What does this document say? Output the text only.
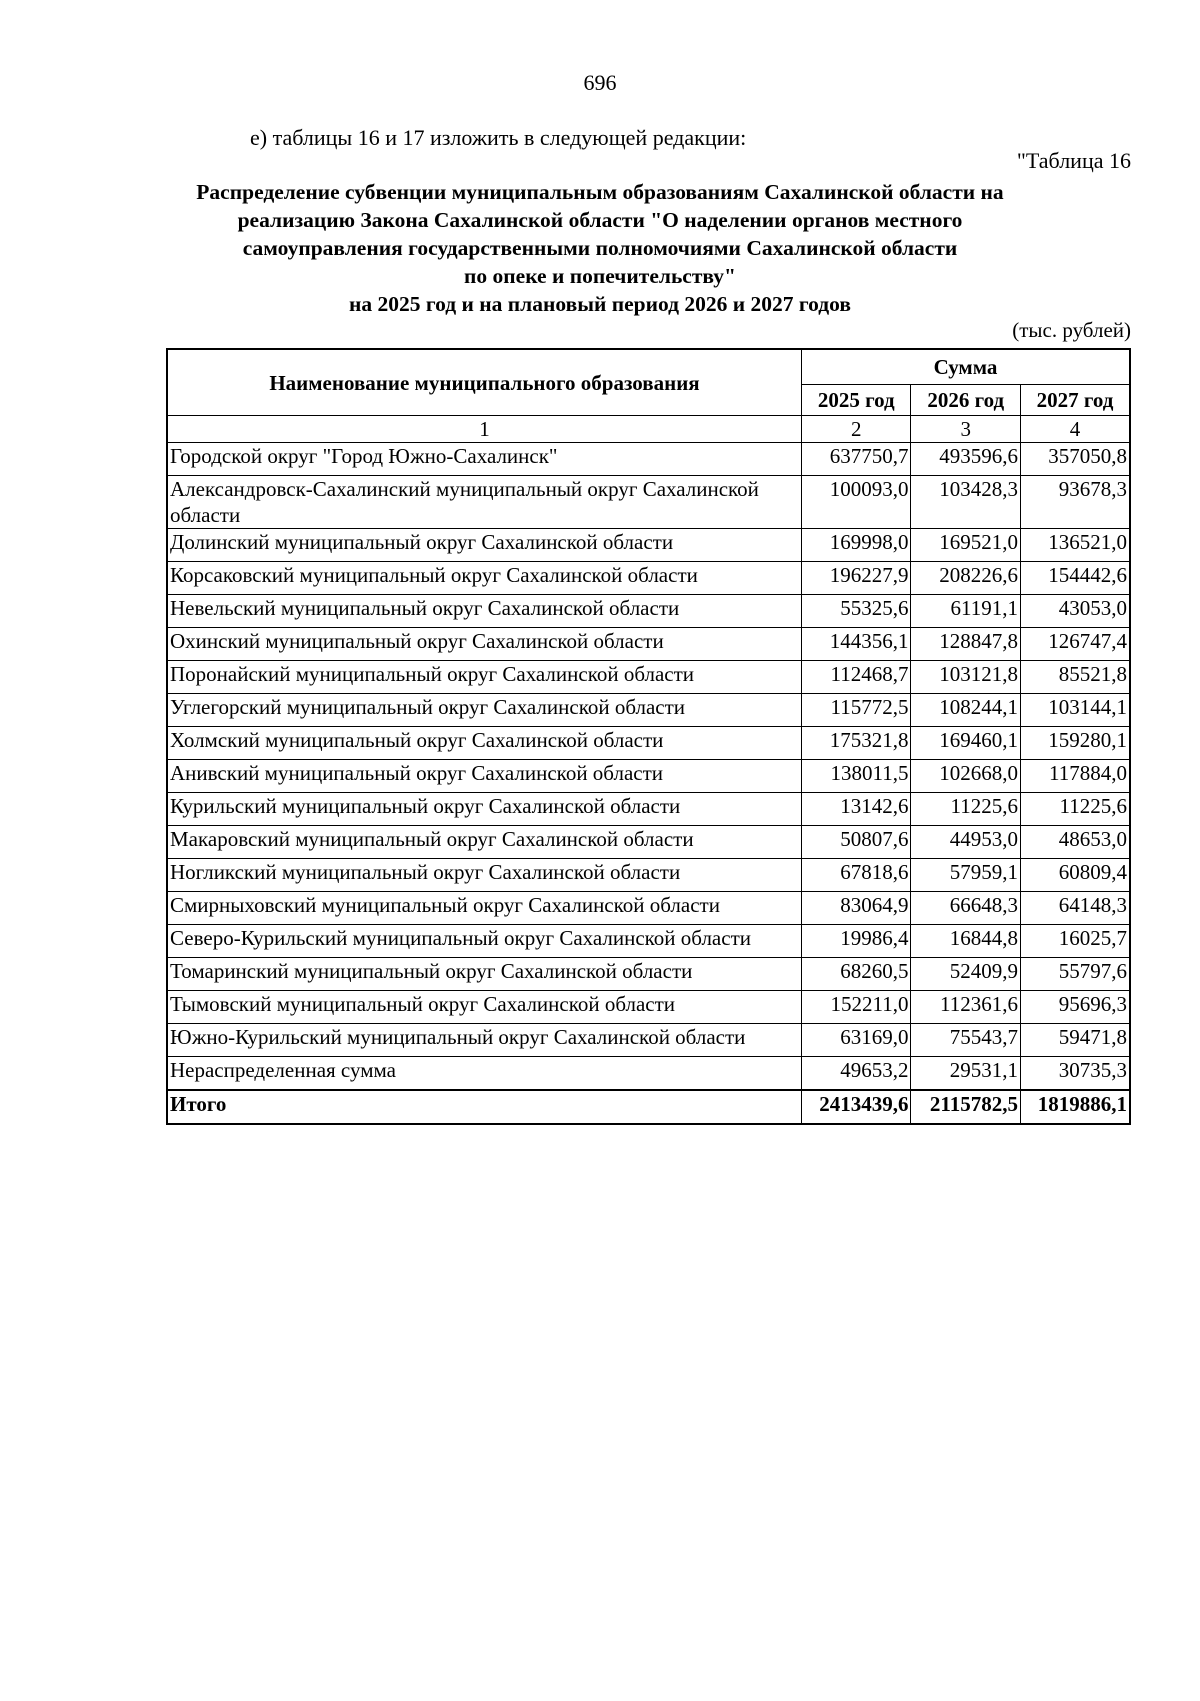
696
е) таблицы 16 и 17 изложить в следующей редакции:
"Таблица 16
Распределение субвенции муниципальным образованиям Сахалинской области на
реализацию Закона Сахалинской области "О наделении органов местного
самоуправления государственными полномочиями Сахалинской области
по опеке и попечительству"
на 2025 год и на плановый период 2026 и 2027 годов
(тыс. рублей)
Наименование муниципального образования	Сумма		
	2025 год	2026 год	2027 год
1	2	3	4
Городской округ "Город Южно-Сахалинск"	637750,7	493596,6	357050,8
Александровск-Сахалинский муниципальный округ Сахалинской области	100093,0	103428,3	93678,3
Долинский муниципальный округ Сахалинской области	169998,0	169521,0	136521,0
Корсаковский муниципальный округ Сахалинской области	196227,9	208226,6	154442,6
Невельский муниципальный округ Сахалинской области	55325,6	61191,1	43053,0
Охинский муниципальный округ Сахалинской области	144356,1	128847,8	126747,4
Поронайский муниципальный округ Сахалинской области	112468,7	103121,8	85521,8
Углегорский муниципальный округ Сахалинской области	115772,5	108244,1	103144,1
Холмский муниципальный округ Сахалинской области	175321,8	169460,1	159280,1
Анивский муниципальный округ Сахалинской области	138011,5	102668,0	117884,0
Курильский муниципальный округ Сахалинской области	13142,6	11225,6	11225,6
Макаровский муниципальный округ Сахалинской области	50807,6	44953,0	48653,0
Ногликский муниципальный округ Сахалинской области	67818,6	57959,1	60809,4
Смирныховский муниципальный округ Сахалинской области	83064,9	66648,3	64148,3
Северо-Курильский муниципальный округ Сахалинской области	19986,4	16844,8	16025,7
Томаринский муниципальный округ Сахалинской области	68260,5	52409,9	55797,6
Тымовский муниципальный округ Сахалинской области	152211,0	112361,6	95696,3
Южно-Курильский муниципальный округ Сахалинской области	63169,0	75543,7	59471,8
Нераспределенная сумма	49653,2	29531,1	30735,3
Итого	2413439,6	2115782,5	1819886,1
